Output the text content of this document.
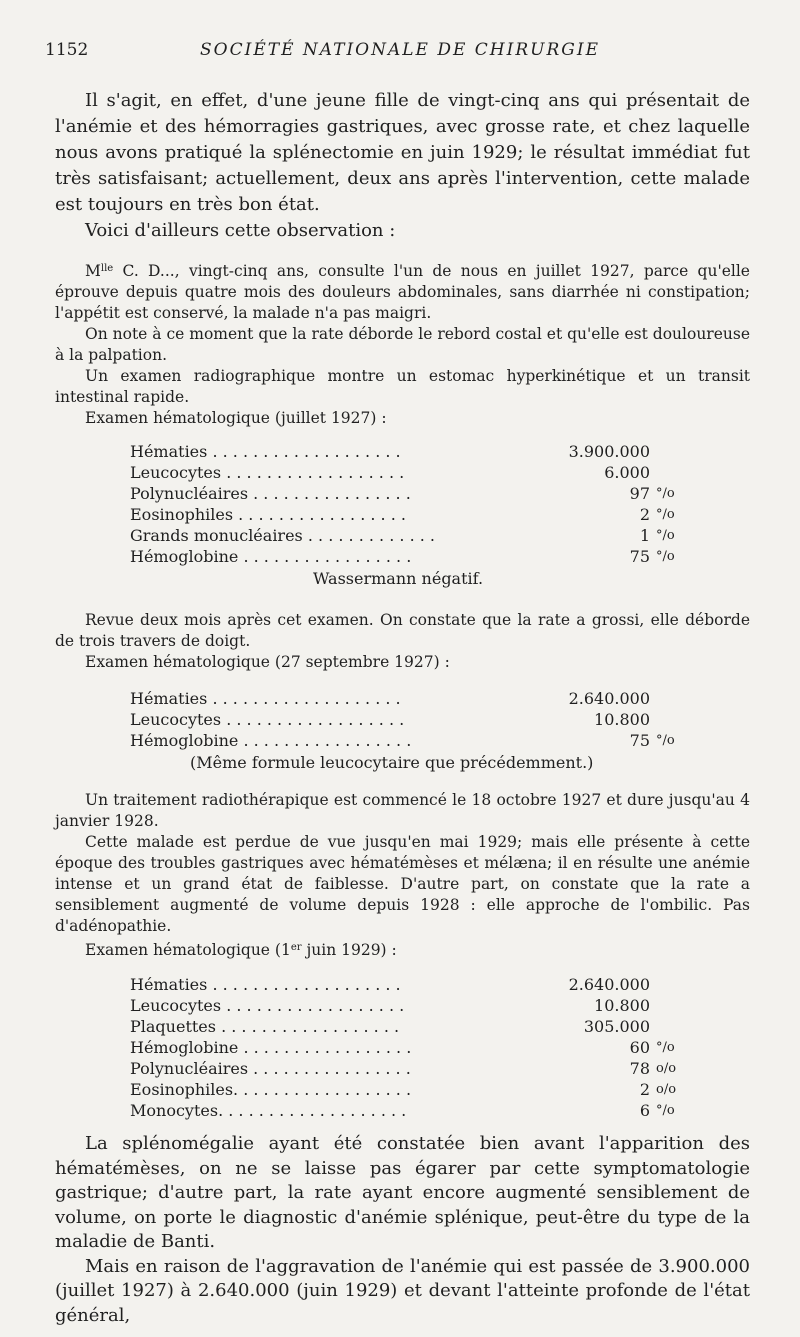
1152	SOCIÉTÉ NATIONALE DE CHIRURGIE

Il s'agit, en effet, d'une jeune fille de vingt-cinq ans qui présentait de l'anémie et des hémorragies gastriques, avec grosse rate, et chez laquelle nous avons pratiqué la splénectomie en juin 1929; le résultat immédiat fut très satisfaisant; actuellement, deux ans après l'intervention, cette malade est toujours en très bon état.

Voici d'ailleurs cette observation :

$M^{lle}$ C. D..., vingt-cinq ans, consulte l'un de nous en juillet 1927, parce qu'elle éprouve depuis quatre mois des douleurs abdominales, sans diarrhée ni constipation; l'appétit est conservé, la malade n'a pas maigri.

On note à ce moment que la rate déborde le rebord costal et qu'elle est douloureuse à la palpation.

Un examen radiographique montre un estomac hyperkinétique et un transit intestinal rapide.

Examen hématologique (juillet 1927) :

Hématies . . . . . . . . . . . . . . . . . . .	3.900.000	
Leucocytes . . . . . . . . . . . . . . . . . .	6.000	
Polynucléaires . . . . . . . . . . . . . . . .	97	°/o
Eosinophiles . . . . . . . . . . . . . . . . .	2	°/o
Grands monucléaires . . . . . . . . . . . . .	1	°/o
Hémoglobine . . . . . . . . . . . . . . . . .	75	°/o
Wassermann négatif.

Revue deux mois après cet examen. On constate que la rate a grossi, elle déborde de trois travers de doigt.

Examen hématologique (27 septembre 1927) :

Hématies . . . . . . . . . . . . . . . . . . .	2.640.000	
Leucocytes . . . . . . . . . . . . . . . . . .	10.800	
Hémoglobine . . . . . . . . . . . . . . . . .	75	°/o
(Même formule leucocytaire que précédemment.)

Un traitement radiothérapique est commencé le 18 octobre 1927 et dure jusqu'au 4 janvier 1928.

Cette malade est perdue de vue jusqu'en mai 1929; mais elle présente à cette époque des troubles gastriques avec hématémèses et mélæna; il en résulte une anémie intense et un grand état de faiblesse. D'autre part, on constate que la rate a sensiblement augmenté de volume depuis 1928 : elle approche de l'ombilic. Pas d'adénopathie.

Examen hématologique (1er juin 1929) :

Hématies . . . . . . . . . . . . . . . . . . .	2.640.000	
Leucocytes . . . . . . . . . . . . . . . . . .	10.800	
Plaquettes . . . . . . . . . . . . . . . . . .	305.000	
Hémoglobine . . . . . . . . . . . . . . . . .	60	°/o
Polynucléaires . . . . . . . . . . . . . . . .	78	o/o
Eosinophiles. . . . . . . . . . . . . . . . . .	2	o/o
Monocytes. . . . . . . . . . . . . . . . . . .	6	°/o

La splénomégalie ayant été constatée bien avant l'apparition des hématémèses, on ne se laisse pas égarer par cette symptomatologie gastrique; d'autre part, la rate ayant encore augmenté sensiblement de volume, on porte le diagnostic d'anémie splénique, peut-être du type de la maladie de Banti.

Mais en raison de l'aggravation de l'anémie qui est passée de 3.900.000 (juillet 1927) à 2.640.000 (juin 1929) et devant l'atteinte profonde de l'état général,
